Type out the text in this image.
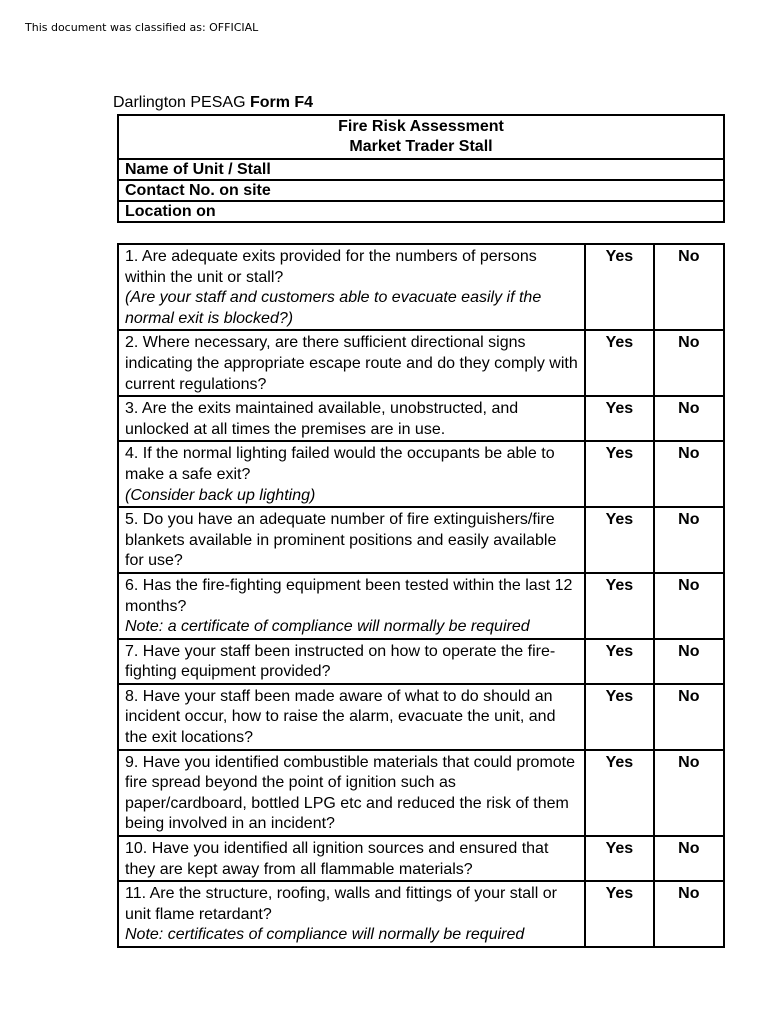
This document was classified as: OFFICIAL
Darlington PESAG Form F4
Fire Risk Assessment
Market Trader Stall

Name of Unit / Stall
Contact No. on site
Location on
1. Are adequate exits provided for the numbers of persons within the unit or stall?
(Are your staff and customers able to evacuate easily if the normal exit is blocked?)	Yes	No
2. Where necessary, are there sufficient directional signs indicating the appropriate escape route and do they comply with current regulations?	Yes	No
3. Are the exits maintained available, unobstructed, and unlocked at all times the premises are in use.	Yes	No
4. If the normal lighting failed would the occupants be able to make a safe exit?
(Consider back up lighting)	Yes	No
5. Do you have an adequate number of fire extinguishers/fire blankets available in prominent positions and easily available for use?	Yes	No
6. Has the fire-fighting equipment been tested within the last 12 months?
Note: a certificate of compliance will normally be required	Yes	No
7. Have your staff been instructed on how to operate the fire-fighting equipment provided?	Yes	No
8. Have your staff been made aware of what to do should an incident occur, how to raise the alarm, evacuate the unit, and the exit locations?	Yes	No
9. Have you identified combustible materials that could promote fire spread beyond the point of ignition such as paper/cardboard, bottled LPG etc and reduced the risk of them being involved in an incident?	Yes	No
10. Have you identified all ignition sources and ensured that they are kept away from all flammable materials?	Yes	No
11. Are the structure, roofing, walls and fittings of your stall or unit flame retardant?
Note: certificates of compliance will normally be required	Yes	No
